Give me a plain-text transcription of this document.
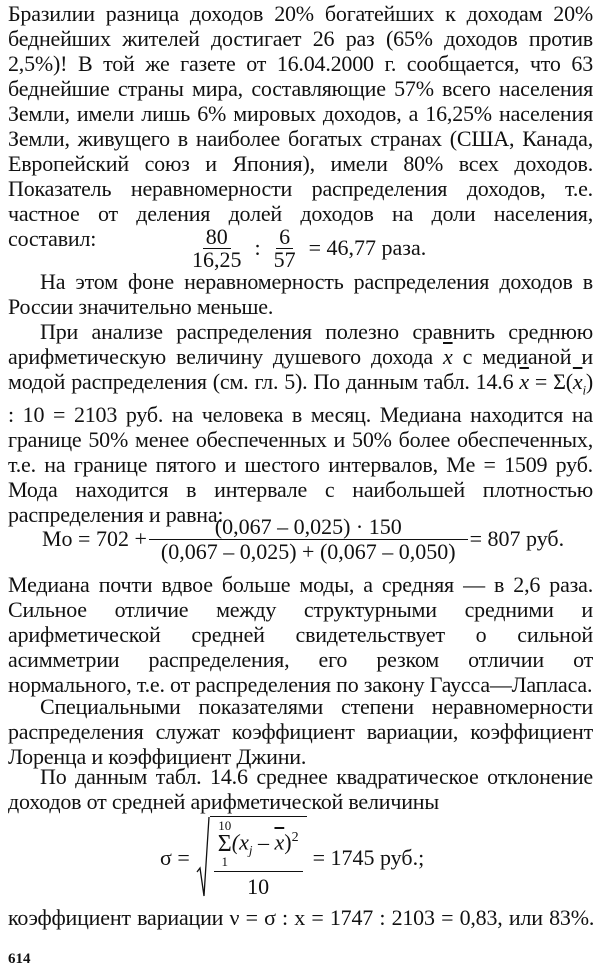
Бразилии разница доходов 20% богатейших к доходам 20% беднейших жителей достигает 26 раз (65% доходов против 2,5%)! В той же газете от 16.04.2000 г. сообщается, что 63 беднейшие страны мира, составляющие 57% всего населения Земли, имели лишь 6% мировых доходов, а 16,25% населения Земли, живущего в наиболее богатых странах (США, Канада, Европейский союз и Япония), имели 80% всех доходов. Показатель неравномерности распределения доходов, т.е. частное от деления долей доходов на доли населения, составил:	$\frac{80}{16,25}$ : $\frac{6}{57} = 46,77$ раза.

На этом фоне неравномерность распределения доходов в России значительно меньше.

При анализе распределения полезно сравнить среднюю арифметическую величину душевого дохода $\overline{x}$ с медианой и модой распределения (см. гл. 5). По данным табл. 14.6 $\overline{x} = \Sigma(\overline{x}_i)$ : 10 = 2103 руб. на человека в месяц. Медиана находится на границе 50% менее обеспеченных и 50% более обеспеченных, т.е. на границе пятого и шестого интервалов, Me = 1509 руб. Мода находится в интервале с наибольшей плотностью распределения и равна:

$Mo = 702 + \frac{(0,067 - 0,025) \cdot 150}{(0,067 - 0,025) + (0,067 - 0,050)} = 807$ руб.

Медиана почти вдвое больше моды, а средняя — в 2,6 раза. Сильное отличие между структурными средними и арифметической средней свидетельствует о сильной асимметрии распределения, его резком отличии от нормального, т.е. от распределения по закону Гаусса—Лапласа.

Специальными показателями степени неравномерности распределения служат коэффициент вариации, коэффициент Лоренца и коэффициент Джини.

По данным табл. 14.6 среднее квадратическое отклонение доходов от средней арифметической величины

σ =
10
Σ
1
$(x_j - \overline{x})^2$
10
= 1745 руб.;

коэффициент вариации ν = σ : x = 1747 : 2103 = 0,83, или 83%.

614
